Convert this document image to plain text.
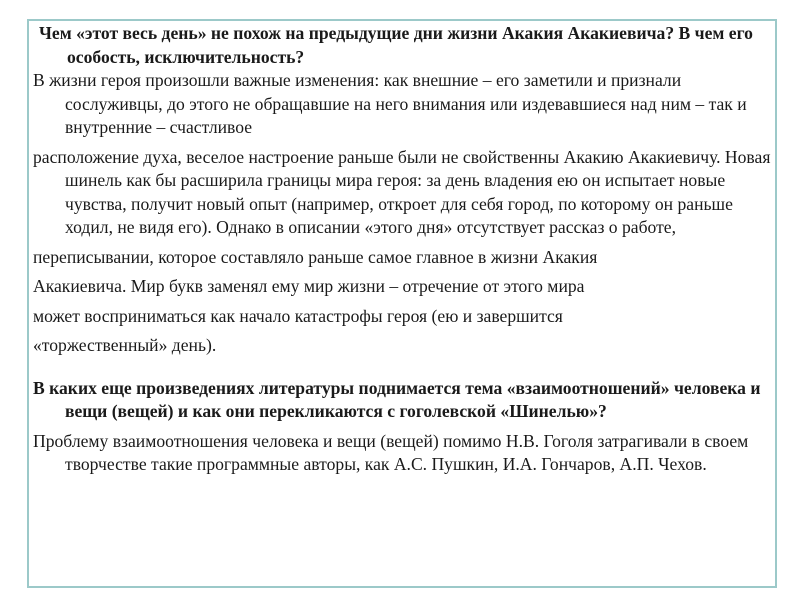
Чем «этот весь день» не похож на предыдущие дни жизни Акакия Акакиевича? В чем его особость, исключительность?

В жизни героя произошли важные изменения: как внешние – его заметили и признали сослуживцы, до этого не обращавшие на него внимания или издевавшиеся над ним – так и внутренние – счастливое

расположение духа, веселое настроение раньше были не свойственны Акакию Акакиевичу. Новая шинель как бы расширила границы мира героя: за день владения ею он испытает новые чувства, получит новый опыт (например, откроет для себя город, по которому он раньше ходил, не видя его). Однако в описании «этого дня» отсутствует рассказ о работе,

переписывании, которое составляло раньше самое главное в жизни Акакия

Акакиевича. Мир букв заменял ему мир жизни – отречение от этого мира

может восприниматься как начало катастрофы героя (ею и завершится

«торжественный» день).

В каких еще произведениях литературы поднимается тема «взаимоотношений» человека и вещи (вещей) и как они перекликаются с гоголевской «Шинелью»?

Проблему взаимоотношения человека и вещи (вещей) помимо Н.В. Гоголя затрагивали в своем творчестве такие программные авторы, как А.С. Пушкин, И.А. Гончаров, А.П. Чехов.
